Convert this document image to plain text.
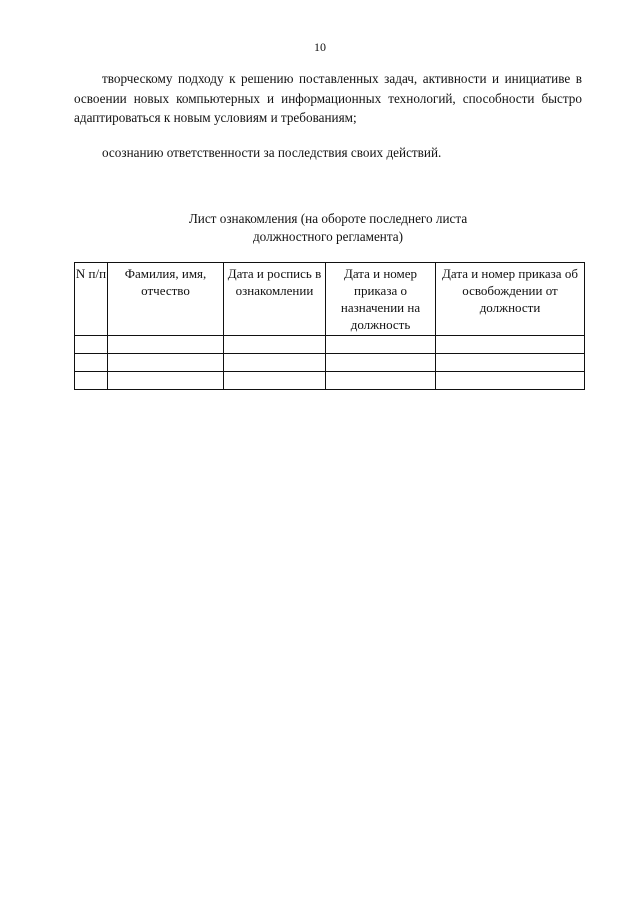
10
творческому подходу к решению поставленных задач, активности и инициативе в освоении новых компьютерных и информационных технологий, способности быстро адаптироваться к новым условиям и требованиям;
осознанию ответственности за последствия своих действий.
Лист ознакомления (на обороте последнего листа
должностного регламента)
N п/п	Фамилия, имя, отчество	Дата и роспись в ознакомлении	Дата и номер приказа о назначении на должность	Дата и номер приказа об освобождении от должности
